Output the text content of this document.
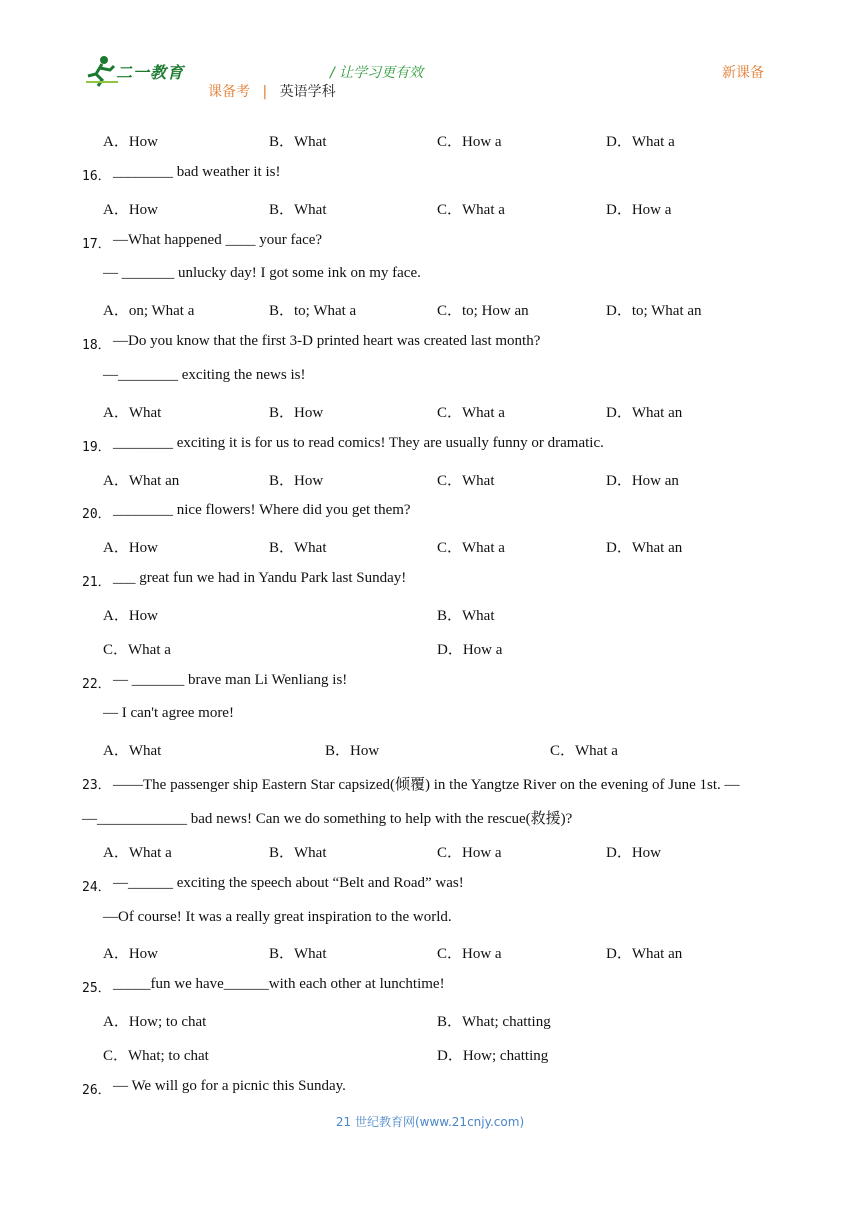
二一教育	/ 让学习更有效
课备考 | 英语学科
新课备
A．How	B．What	C．How a	D．What a
16． ________ bad weather it is!
A．How	B．What	C．What a	D．How a
17． —What happened ____ your face?
— _______ unlucky day! I got some ink on my face.
A．on; What a	B．to; What a	C．to; How an	D．to; What an
18． —Do you know that the first 3-D printed heart was created last month?
—________ exciting the news is!
A．What	B．How	C．What a	D．What an
19． ________ exciting it is for us to read comics! They are usually funny or dramatic.
A．What an	B．How	C．What	D．How an
20． ________ nice flowers! Where did you get them?
A．How	B．What	C．What a	D．What an
21． ___ great fun we had in Yandu Park last Sunday!
A．How	B．What
C．What a	D．How a
22． — _______ brave man Li Wenliang is!
— I can't agree more!
A．What	B．How	C．What a
23． ——The passenger ship Eastern Star capsized(倾覆) in the Yangtze River on the evening of June 1st. —
—____________ bad news! Can we do something to help with the rescue(救援)?
A．What a	B．What	C．How a	D．How
24． —______ exciting the speech about “Belt and Road” was!
—Of course! It was a really great inspiration to the world.
A．How	B．What	C．How a	D．What an
25． _____fun we have______with each other at lunchtime!
A．How; to chat	B．What; chatting
C．What; to chat	D．How; chatting
26． — We will go for a picnic this Sunday.
21 世纪教育网(www.21cnjy.com)
